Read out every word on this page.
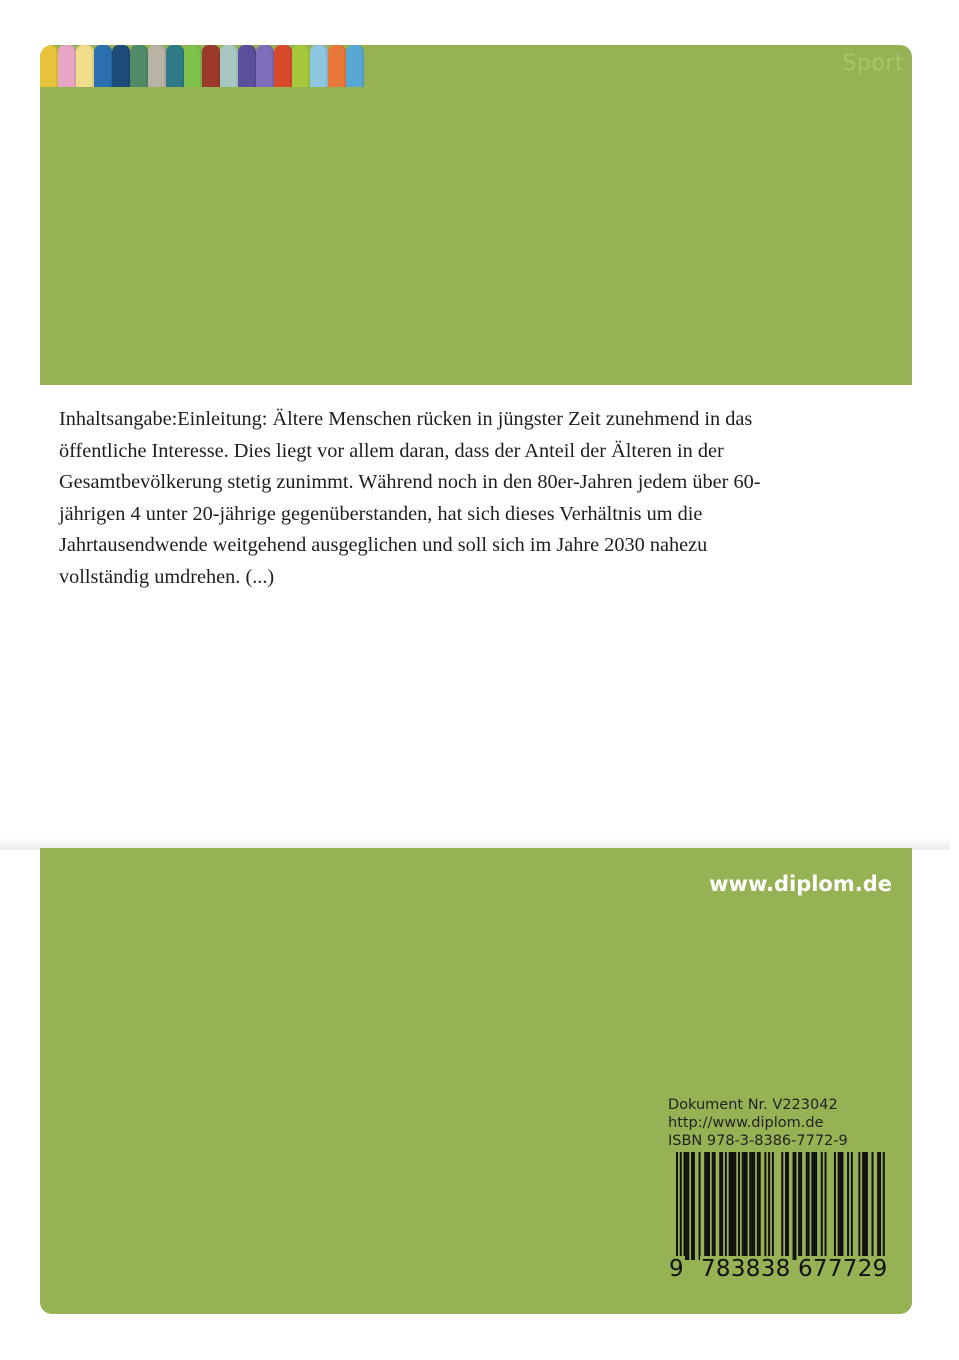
Sport

Inhaltsangabe:Einleitung: Ältere Menschen rücken in jüngster Zeit zunehmend in das öffentliche Interesse. Dies liegt vor allem daran, dass der Anteil der Älteren in der Gesamtbevölkerung stetig zunimmt. Während noch in den 80er-Jahren jedem über 60-jährigen 4 unter 20-jährige gegenüberstanden, hat sich dieses Verhältnis um die Jahrtausendwende weitgehend ausgeglichen und soll sich im Jahre 2030 nahezu vollständig umdrehen. (...)

www.diplom.de
Dokument Nr. V223042
http://www.diplom.de
ISBN 978-3-8386-7772-9
9 783838 677729
